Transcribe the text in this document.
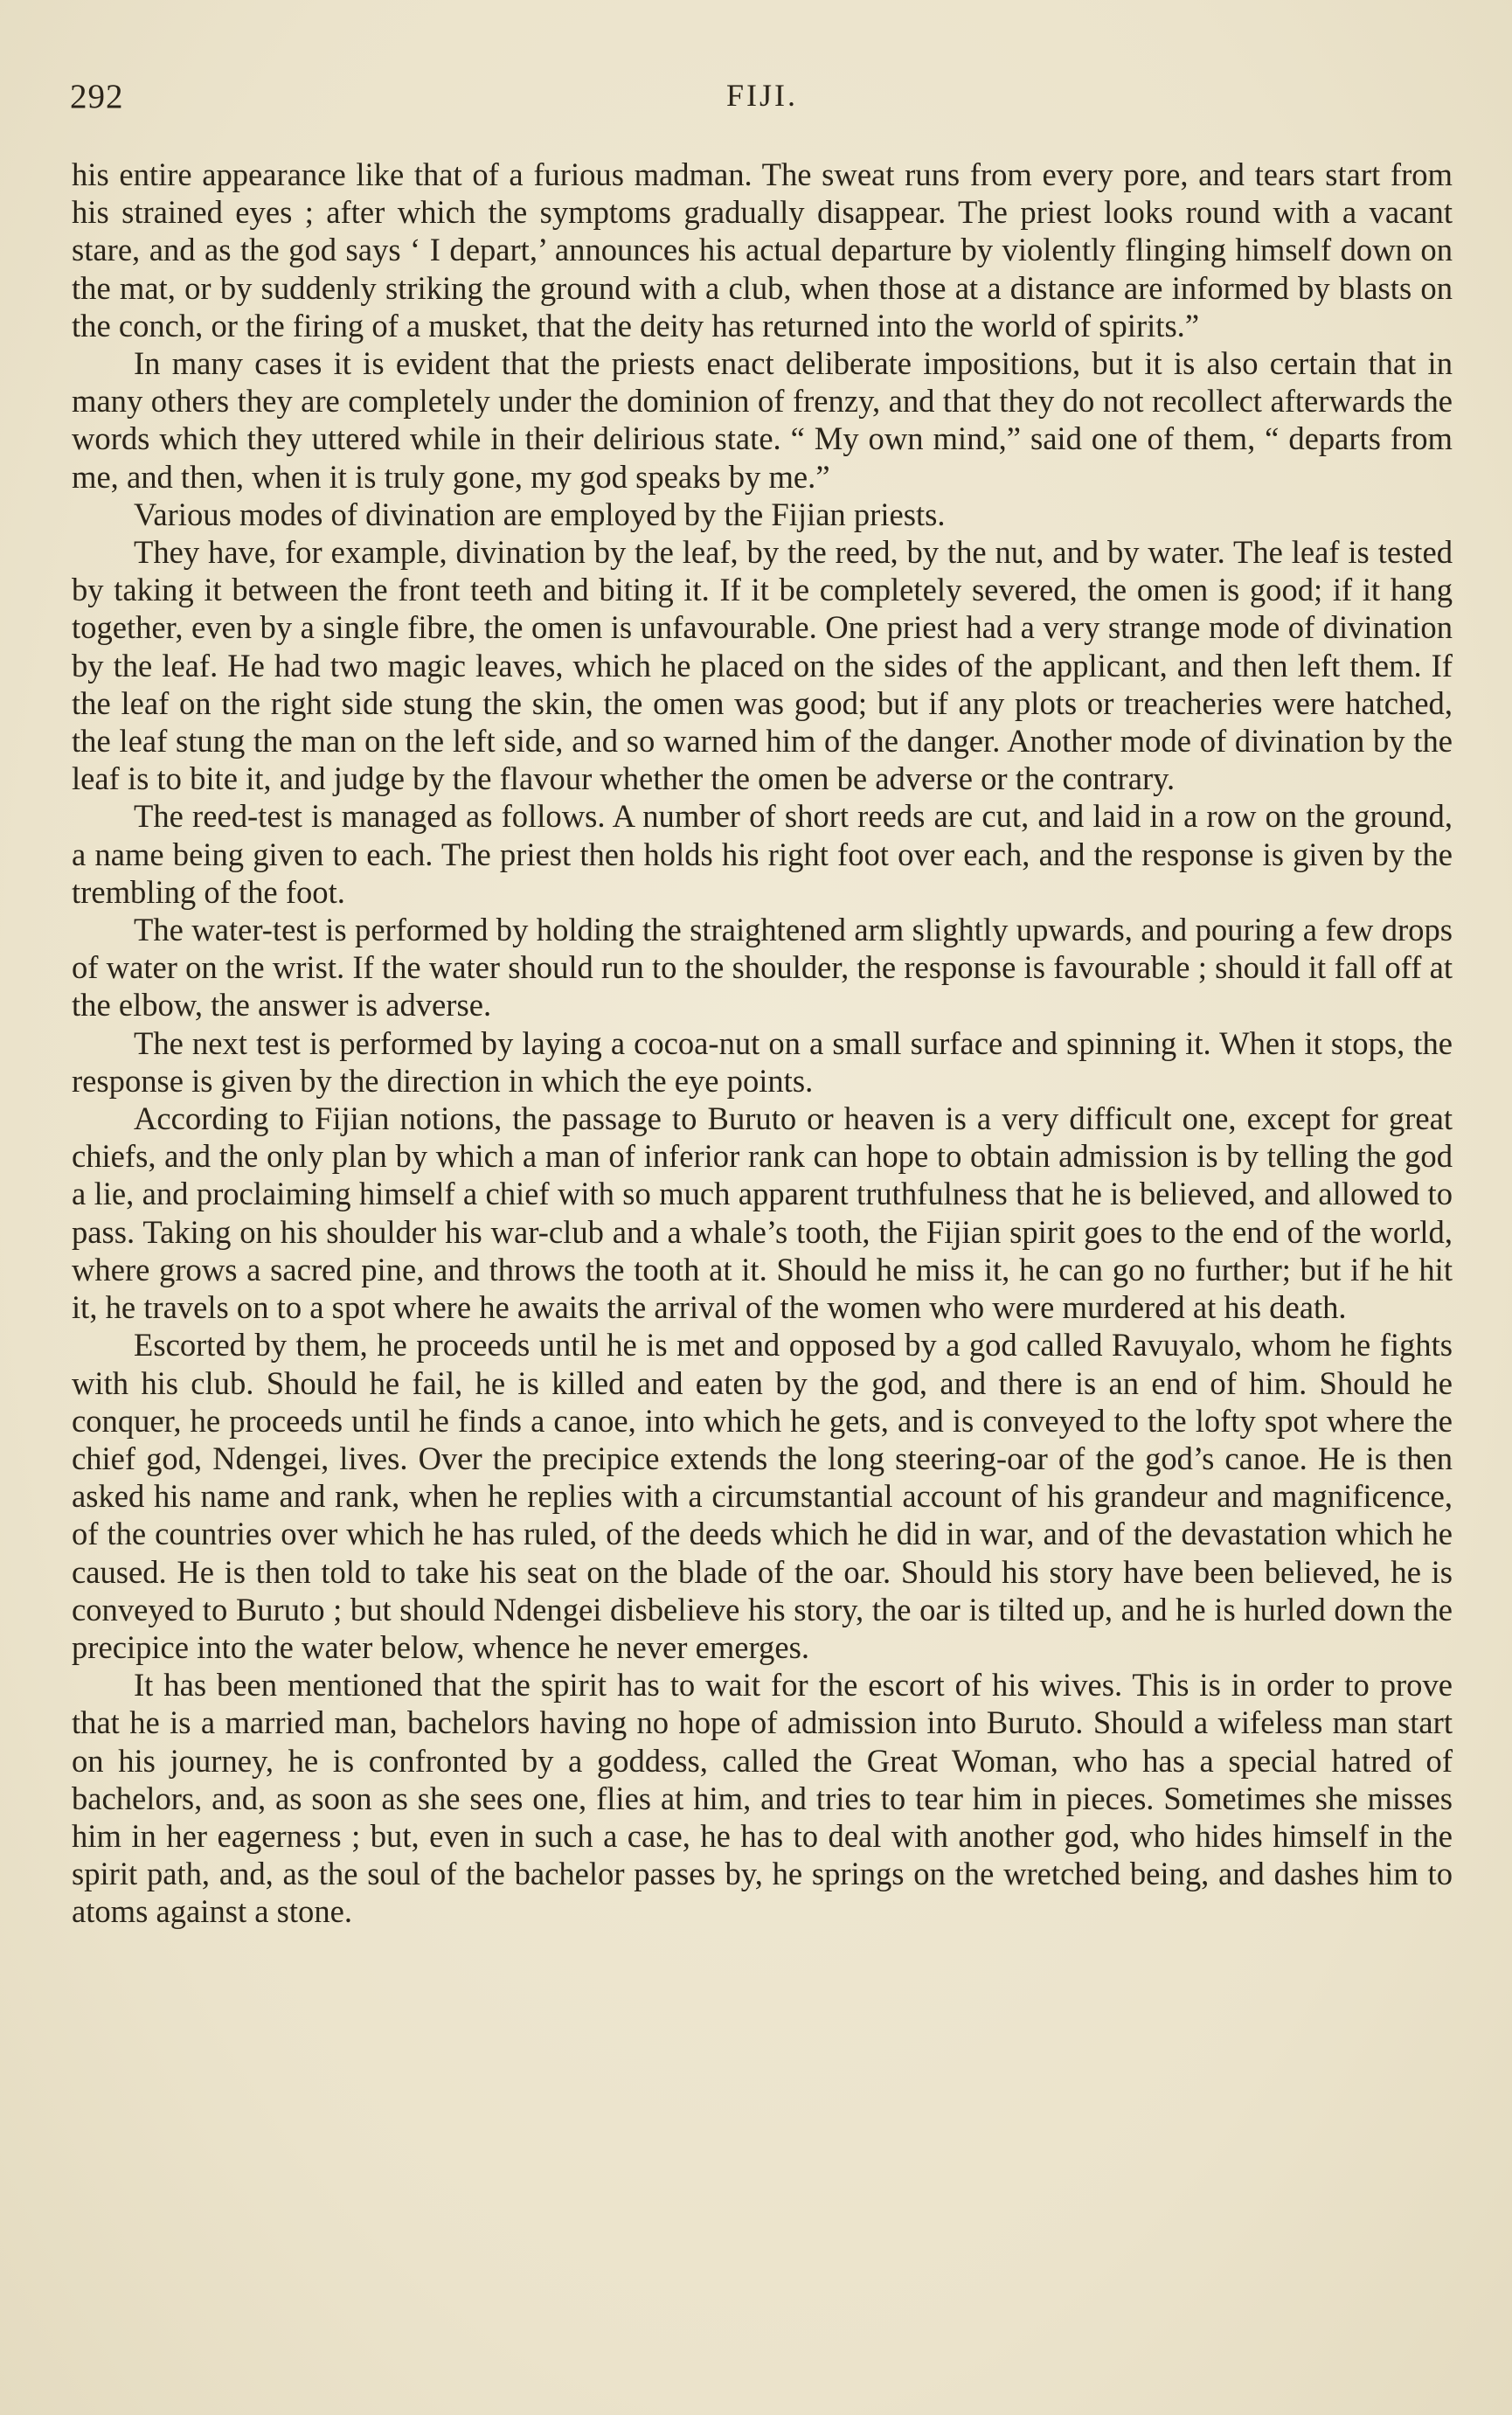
292	FIJI.

his entire appearance like that of a furious madman. The sweat runs from every pore, and tears start from his strained eyes ; after which the symptoms gradually disappear. The priest looks round with a vacant stare, and as the god says ‘ I depart,’ announces his actual departure by violently flinging himself down on the mat, or by suddenly striking the ground with a club, when those at a distance are informed by blasts on the conch, or the firing of a musket, that the deity has returned into the world of spirits.”

In many cases it is evident that the priests enact deliberate impositions, but it is also certain that in many others they are completely under the dominion of frenzy, and that they do not recollect afterwards the words which they uttered while in their delirious state. “ My own mind,” said one of them, “ departs from me, and then, when it is truly gone, my god speaks by me.”

Various modes of divination are employed by the Fijian priests.

They have, for example, divination by the leaf, by the reed, by the nut, and by water. The leaf is tested by taking it between the front teeth and biting it. If it be completely severed, the omen is good; if it hang together, even by a single fibre, the omen is unfavourable. One priest had a very strange mode of divination by the leaf. He had two magic leaves, which he placed on the sides of the applicant, and then left them. If the leaf on the right side stung the skin, the omen was good; but if any plots or treacheries were hatched, the leaf stung the man on the left side, and so warned him of the danger. Another mode of divination by the leaf is to bite it, and judge by the flavour whether the omen be adverse or the contrary.

The reed-test is managed as follows. A number of short reeds are cut, and laid in a row on the ground, a name being given to each. The priest then holds his right foot over each, and the response is given by the trembling of the foot.

The water-test is performed by holding the straightened arm slightly upwards, and pouring a few drops of water on the wrist. If the water should run to the shoulder, the response is favourable ; should it fall off at the elbow, the answer is adverse.

The next test is performed by laying a cocoa-nut on a small surface and spinning it. When it stops, the response is given by the direction in which the eye points.

According to Fijian notions, the passage to Buruto or heaven is a very difficult one, except for great chiefs, and the only plan by which a man of inferior rank can hope to obtain admission is by telling the god a lie, and proclaiming himself a chief with so much apparent truthfulness that he is believed, and allowed to pass. Taking on his shoulder his war-club and a whale’s tooth, the Fijian spirit goes to the end of the world, where grows a sacred pine, and throws the tooth at it. Should he miss it, he can go no further; but if he hit it, he travels on to a spot where he awaits the arrival of the women who were murdered at his death.

Escorted by them, he proceeds until he is met and opposed by a god called Ravuyalo, whom he fights with his club. Should he fail, he is killed and eaten by the god, and there is an end of him. Should he conquer, he proceeds until he finds a canoe, into which he gets, and is conveyed to the lofty spot where the chief god, Ndengei, lives. Over the precipice extends the long steering-oar of the god’s canoe. He is then asked his name and rank, when he replies with a circumstantial account of his grandeur and magnificence, of the countries over which he has ruled, of the deeds which he did in war, and of the devastation which he caused. He is then told to take his seat on the blade of the oar. Should his story have been believed, he is conveyed to Buruto ; but should Ndengei disbelieve his story, the oar is tilted up, and he is hurled down the precipice into the water below, whence he never emerges.

It has been mentioned that the spirit has to wait for the escort of his wives. This is in order to prove that he is a married man, bachelors having no hope of admission into Buruto. Should a wifeless man start on his journey, he is confronted by a goddess, called the Great Woman, who has a special hatred of bachelors, and, as soon as she sees one, flies at him, and tries to tear him in pieces. Sometimes she misses him in her eagerness ; but, even in such a case, he has to deal with another god, who hides himself in the spirit path, and, as the soul of the bachelor passes by, he springs on the wretched being, and dashes him to atoms against a stone.
